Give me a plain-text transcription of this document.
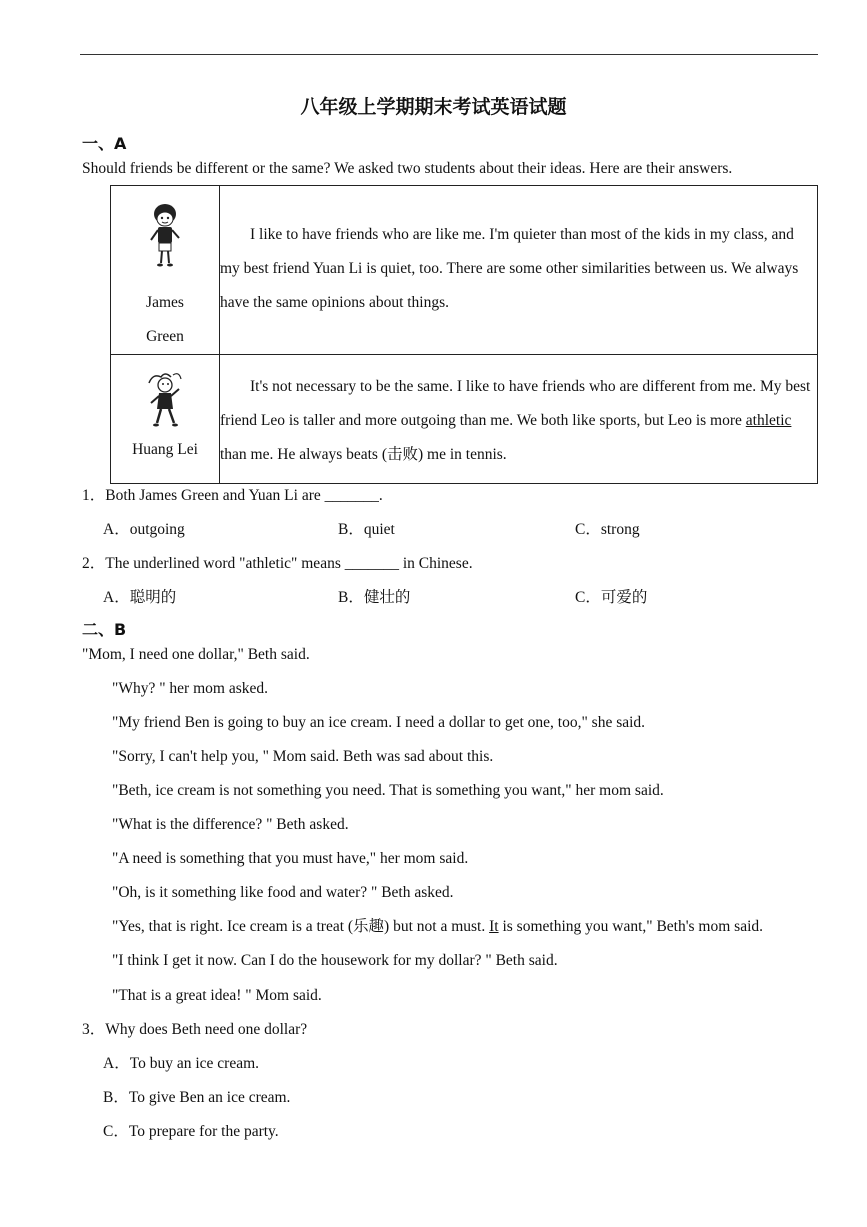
八年级上学期期末考试英语试题
一、A
Should friends be different or the same? We asked two students about their ideas. Here are their answers.
James
Green	I like to have friends who are like me. I'm quieter than most of the kids in my class, and my best friend Yuan Li is quiet, too. There are some other similarities between us. We always have the same opinions about things.

Huang Lei	It's not necessary to be the same. I like to have friends who are different from me. My best friend Leo is taller and more outgoing than me. We both like sports, but Leo is more athletic than me. He always beats (击败) me in tennis.
1．Both James Green and Yuan Li are _______.
A．outgoing	B．quiet	C．strong
2．The underlined word "athletic" means _______ in Chinese.
A．聪明的	B．健壮的	C．可爱的
二、B
"Mom, I need one dollar," Beth said.
"Why? " her mom asked.
"My friend Ben is going to buy an ice cream. I need a dollar to get one, too," she said.
"Sorry, I can't help you, " Mom said. Beth was sad about this.
"Beth, ice cream is not something you need. That is something you want," her mom said.
"What is the difference? " Beth asked.
"A need is something that you must have," her mom said.
"Oh, is it something like food and water? " Beth asked.
"Yes, that is right. Ice cream is a treat (乐趣) but not a must. It is something you want," Beth's mom said.
"I think I get it now. Can I do the housework for my dollar? " Beth said.
"That is a great idea! " Mom said.
3．Why does Beth need one dollar?
A．To buy an ice cream.
B．To give Ben an ice cream.
C．To prepare for the party.
